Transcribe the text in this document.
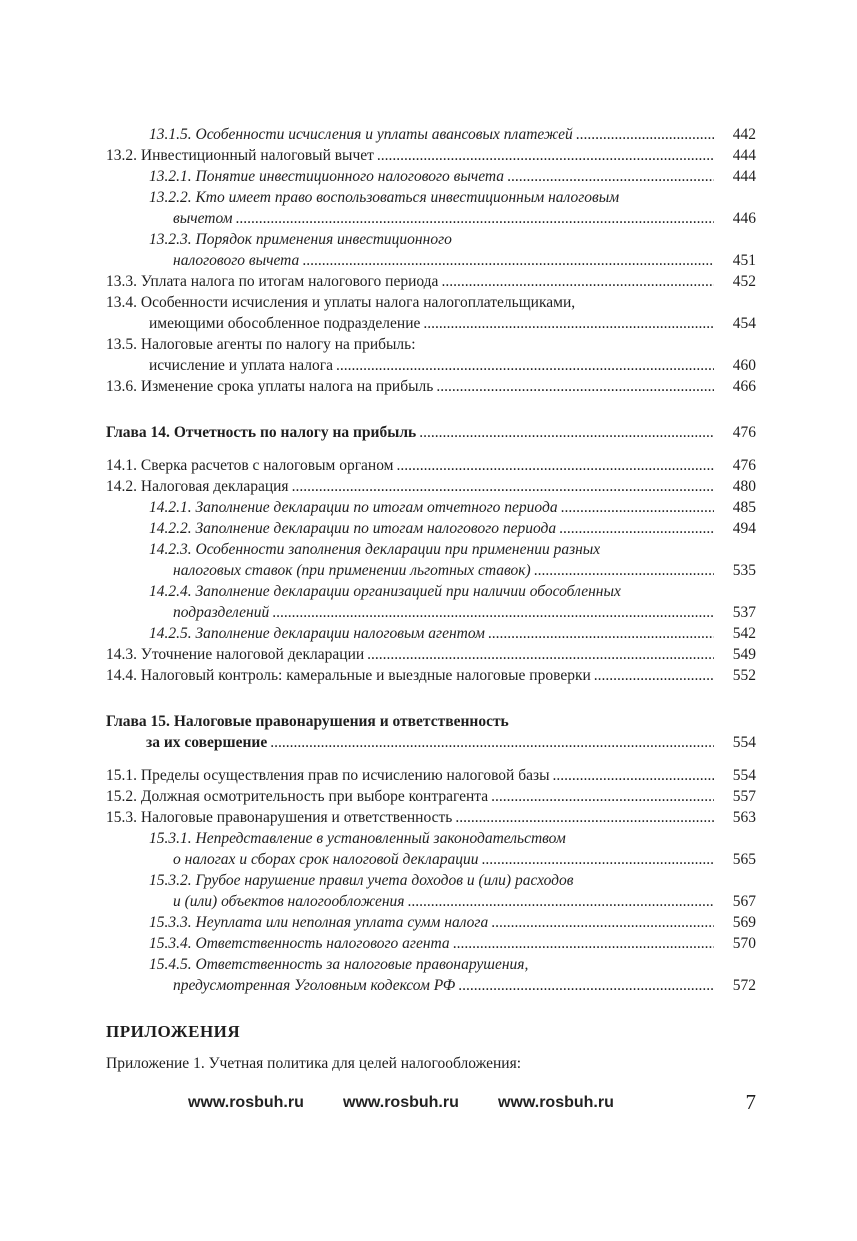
13.1.5. Особенности исчисления и уплаты авансовых платежей .....	442
13.2. Инвестиционный налоговый вычет .....	444
13.2.1. Понятие инвестиционного налогового вычета .....	444
13.2.2. Кто имеет право воспользоваться инвестиционным налоговым
вычетом .....	446
13.2.3. Порядок применения инвестиционного
налогового вычета .....	451
13.3. Уплата налога по итогам налогового периода .....	452
13.4. Особенности исчисления и уплаты налога налогоплательщиками,
имеющими обособленное подразделение .....	454
13.5. Налоговые агенты по налогу на прибыль:
исчисление и уплата налога .....	460
13.6. Изменение срока уплаты налога на прибыль .....	466
Глава 14. Отчетность по налогу на прибыль .....	476
14.1. Сверка расчетов с налоговым органом .....	476
14.2. Налоговая декларация .....	480
14.2.1. Заполнение декларации по итогам отчетного периода .....	485
14.2.2. Заполнение декларации по итогам налогового периода .....	494
14.2.3. Особенности заполнения декларации при применении разных
налоговых ставок (при применении льготных ставок) .....	535
14.2.4. Заполнение декларации организацией при наличии обособленных
подразделений .....	537
14.2.5. Заполнение декларации налоговым агентом .....	542
14.3. Уточнение налоговой декларации .....	549
14.4. Налоговый контроль: камеральные и выездные налоговые проверки .....	552
Глава 15. Налоговые правонарушения и ответственность
за их совершение .....	554
15.1. Пределы осуществления прав по исчислению налоговой базы .....	554
15.2. Должная осмотрительность при выборе контрагента .....	557
15.3. Налоговые правонарушения и ответственность .....	563
15.3.1. Непредставление в установленный законодательством
о налогах и сборах срок налоговой декларации .....	565
15.3.2. Грубое нарушение правил учета доходов и (или) расходов
и (или) объектов налогообложения .....	567
15.3.3. Неуплата или неполная уплата сумм налога .....	569
15.3.4. Ответственность налогового агента .....	570
15.4.5. Ответственность за налоговые правонарушения,
предусмотренная Уголовным кодексом РФ .....	572
ПРИЛОЖЕНИЯ
Приложение 1. Учетная политика для целей налогообложения:
www.rosbuh.ru www.rosbuh.ru www.rosbuh.ru	7
